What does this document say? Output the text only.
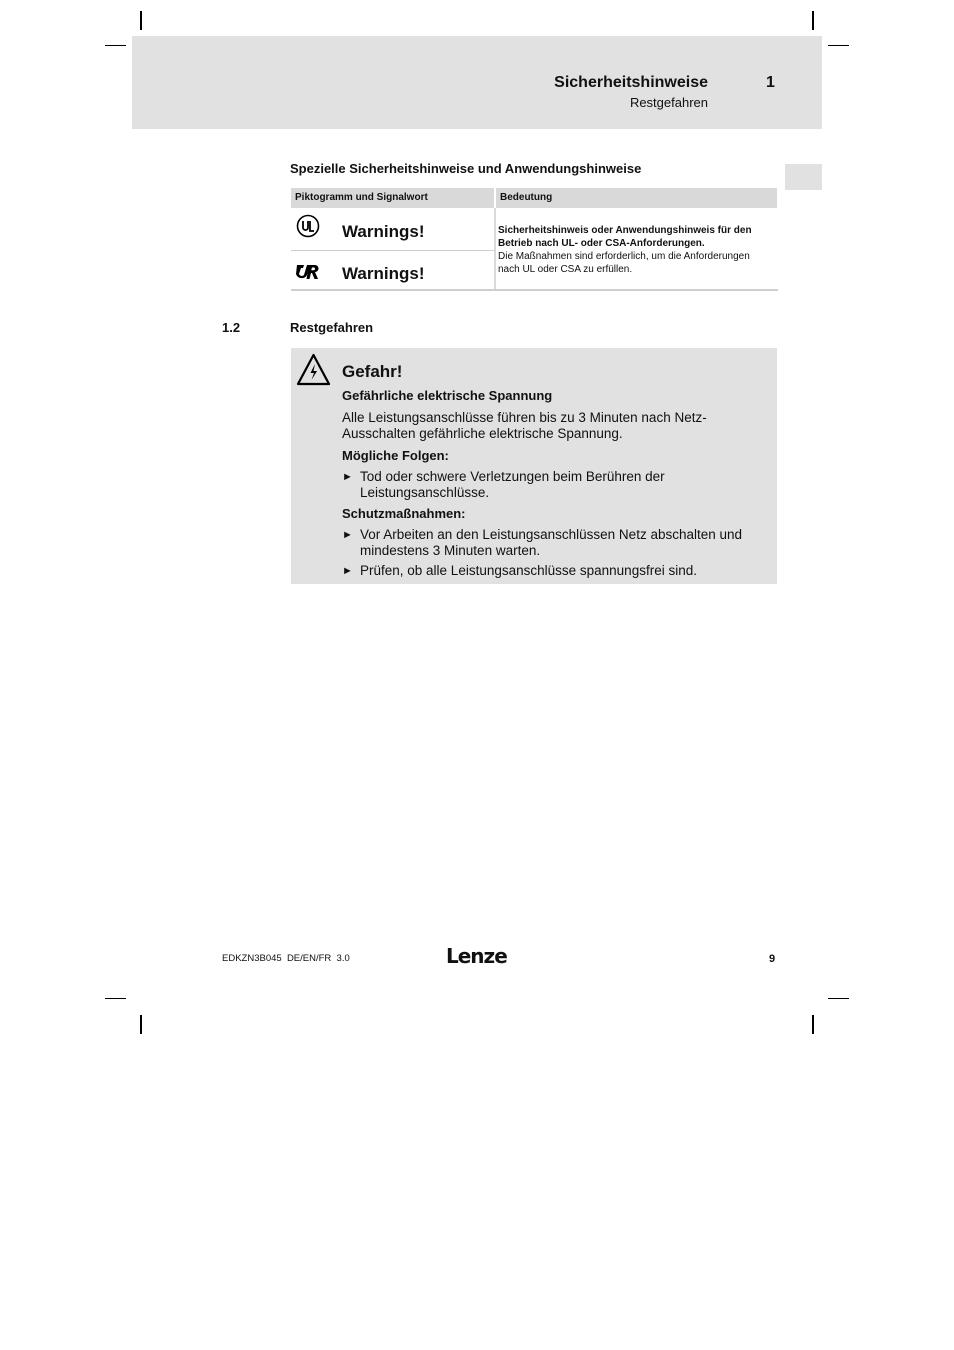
Sicherheitshinweise	1
Restgefahren
Spezielle Sicherheitshinweise und Anwendungshinweise
Piktogramm und Signalwort	Bedeutung
Warnings!
Warnings!
Sicherheitshinweis oder Anwendungshinweis für den Betrieb nach UL- oder CSA-Anforderungen.
Die Maßnahmen sind erforderlich, um die Anforderungen nach UL oder CSA zu erfüllen.
1.2	Restgefahren
Gefahr!
Gefährliche elektrische Spannung
Alle Leistungsanschlüsse führen bis zu 3 Minuten nach Netz-Ausschalten gefährliche elektrische Spannung.
Mögliche Folgen:
► Tod oder schwere Verletzungen beim Berühren der Leistungsanschlüsse.
Schutzmaßnahmen:
► Vor Arbeiten an den Leistungsanschlüssen Netz abschalten und mindestens 3 Minuten warten.
► Prüfen, ob alle Leistungsanschlüsse spannungsfrei sind.
EDKZN3B045  DE/EN/FR  3.0	Lenze	9
